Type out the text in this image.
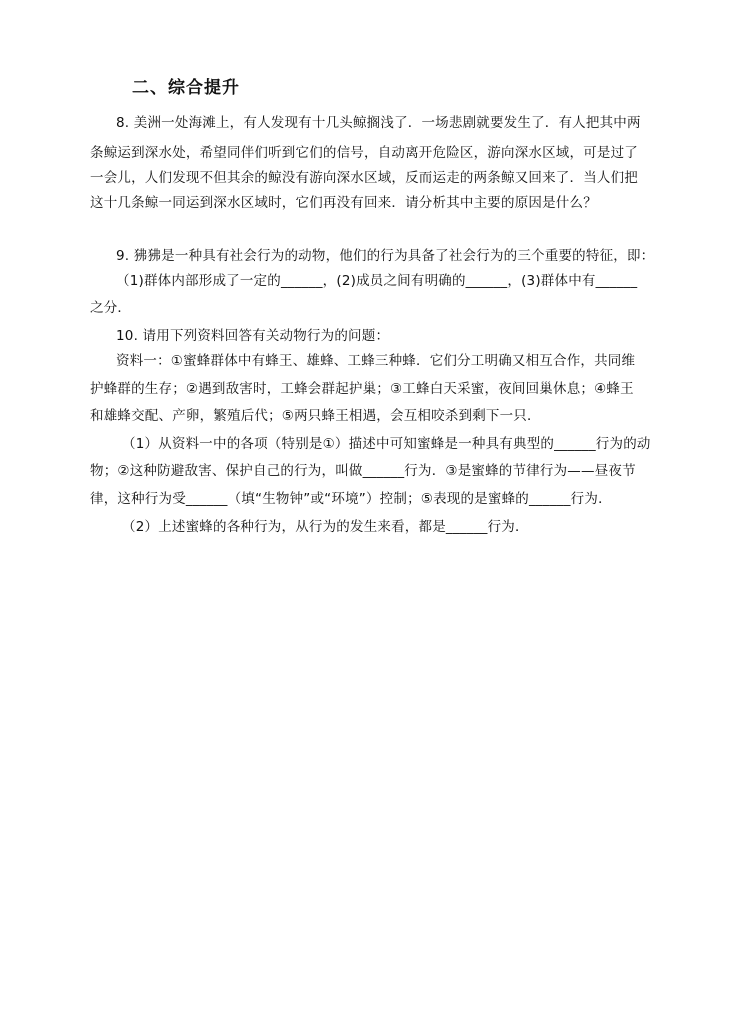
二、综合提升
8. 美洲一处海滩上，有人发现有十几头鲸搁浅了．一场悲剧就要发生了．有人把其中两
条鲸运到深水处，希望同伴们听到它们的信号，自动离开危险区，游向深水区域，可是过了
一会儿，人们发现不但其余的鲸没有游向深水区域，反而运走的两条鲸又回来了．当人们把
这十几条鲸一同运到深水区域时，它们再没有回来．请分析其中主要的原因是什么？
9. 狒狒是一种具有社会行为的动物，他们的行为具备了社会行为的三个重要的特征，即：
（1)群体内部形成了一定的______，(2)成员之间有明确的______，(3)群体中有______
之分．
10. 请用下列资料回答有关动物行为的问题：
资料一：①蜜蜂群体中有蜂王、雄蜂、工蜂三种蜂．它们分工明确又相互合作，共同维
护蜂群的生存；②遇到敌害时，工蜂会群起护巢；③工蜂白天采蜜，夜间回巢休息；④蜂王
和雄蜂交配、产卵，繁殖后代；⑤两只蜂王相遇，会互相咬杀到剩下一只．
（1）从资料一中的各项（特别是①）描述中可知蜜蜂是一种具有典型的______行为的动
物；②这种防避敌害、保护自己的行为，叫做______行为．③是蜜蜂的节律行为——昼夜节
律，这种行为受______（填“生物钟”或“环境”）控制；⑤表现的是蜜蜂的______行为．
（2）上述蜜蜂的各种行为，从行为的发生来看，都是______行为．
